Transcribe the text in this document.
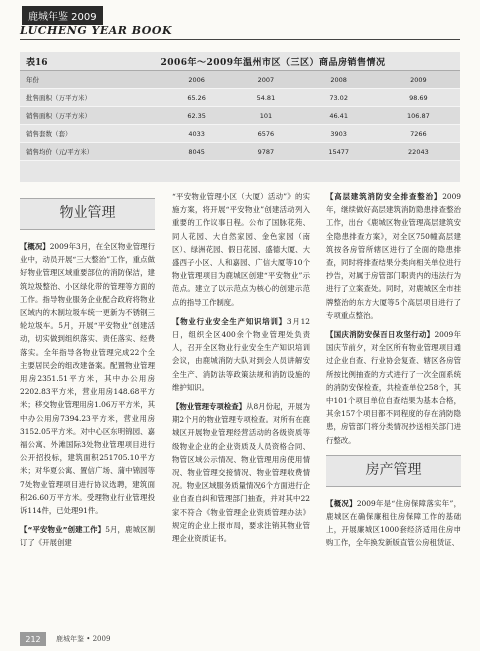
鹿城年鉴 2009
LUCHENG YEAR BOOK
表16	2006年～2009年温州市区（三区）商品房销售情况
年份	2006	2007	2008	2009
批售面积（万平方米）	65.26	54.81	73.02	98.69
销售面积（万平方米）	62.35	101	46.41	106.87
销售套数（套）	4033	6576	3903	7266
销售均价（元/平方米）	8045	9787	15477	22043
物业管理

【概况】2009年3月，在全区物业管理行业中，动员开展“三大整治”工作，重点做好物业管理区域重要部位的消防保洁，建筑垃圾整治、小区绿化带的管理等方面的工作。指导物业服务企业配合政府将物业区域内的木制垃圾车统一更新为不锈钢三轮垃圾车。5月，开展“平安物业”创建活动，切实做到组织落实、责任落实、经费落实。全年指导各物业管理完成22个全主要居民会的组改建备案。配置物业管理用房2351.51平方米，其中办公用房2202.83平方米，营业用房148.68平方米；移交物业管理用房1.06万平方米，其中办公用房7394.23平方米，营业用房3152.05平方米。对中心区东明锦园、嘉福公寓、外滩国际3处物业管理项目进行公开招投标，建筑面积251705.10平方米；对华夏公寓、置信广场、蒲中锦园等7处物业管理项目进行协议选聘，建筑面积26.60万平方米。受理物业行业管理投诉114件，已处理91件。

【“平安物业”创建工作】5月，鹿城区制订了《开展创建

“平安物业管理小区（大厦）活动”》的实施方案，将开展“平安物业”创建活动列入重要的工作议事日程。公布了国脉花苑、同人花园、大自然家园、金色家园（南区）、绿洲花园、假日花园、盛德大厦、大盛西子小区、人和嘉园、广信大厦等10个物业管理项目为鹿城区创建“平安物业”示范点。建立了以示范点为核心的创建示范点的指导工作制度。

【物业行业安全生产知识培训】3月12日，组织全区400余个物业管理处负责人，召开全区物业行业安全生产知识培训会议，由鹿城消防大队对到会人员讲解安全生产、消防法等政策法规和消防设施的维护知识。

【物业管理专项检查】从8月份起，开展为期2个月的物业管理专项检查。对所有在鹿城区开展物业管理经营活动的各级资质等级物业企业的企业资质及人员资格合同、物管区域公示情况、物业管理用房使用情况、物业管理交接情况、物业管理收费情况。物业区域服务质量情况6个方面进行企业自查自纠和管理部门抽查，并对其中22家不符合《物业管理企业资质管理办法》规定的企业上报市局，要求注销其物业管理企业资质证书。

【高层建筑消防安全排查整治】2009年，继续做好高层建筑消防隐患排查整治工作，出台《鹿城区物业管理高层建筑安全隐患排查方案》，对全区750幢高层建筑按各房管所辖区进行了全面的隐患排查，同时将排查结果分类向相关单位进行抄告，对属于房管部门职责内的违法行为进行了立案查处。同时，对鹿城区全市挂牌整治的东方大厦等5个高层项目进行了专项重点整治。

【国庆消防安保百日攻坚行动】2009年国庆节前夕，对全区所有物业管理项目通过企业自查、行业协会复查、辖区各房管所按比例抽查的方式进行了一次全面系统的消防安保检查，共检查单位258个，其中101个项目单位自查结果为基本合格，其余157个项目都不同程度的存在消防隐患，房管部门将分类情况抄送相关部门进行整改。

房产管理

【概况】2009年是“住房保障落实年”，鹿城区在确保廉租住房保障工作的基础上，开展廉城区1000套经济适用住房申购工作，全年换发新版直管公房租赁证、

212	鹿城年鉴 • 2009
